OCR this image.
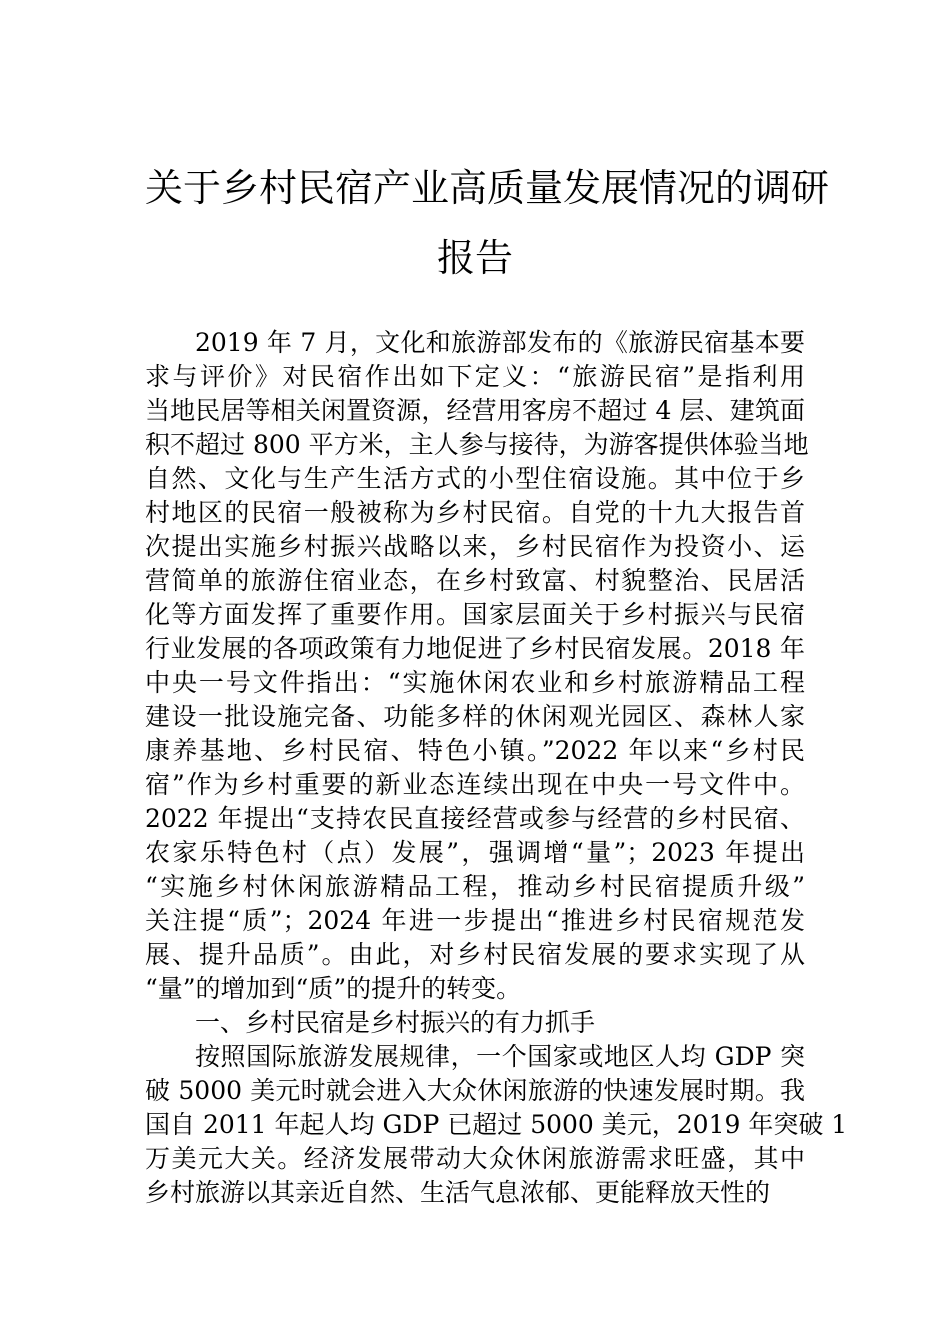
关于乡村民宿产业高质量发展情况的调研
报告
2019 年 7 月，文化和旅游部发布的《旅游民宿基本要
求与评价》对民宿作出如下定义：“旅游民宿”是指利用
当地民居等相关闲置资源，经营用客房不超过 4 层、建筑面
积不超过 800 平方米，主人参与接待，为游客提供体验当地
自然、文化与生产生活方式的小型住宿设施。其中位于乡
村地区的民宿一般被称为乡村民宿。自党的十九大报告首
次提出实施乡村振兴战略以来，乡村民宿作为投资小、运
营简单的旅游住宿业态，在乡村致富、村貌整治、民居活
化等方面发挥了重要作用。国家层面关于乡村振兴与民宿
行业发展的各项政策有力地促进了乡村民宿发展。2018 年
中央一号文件指出：“实施休闲农业和乡村旅游精品工程
建设一批设施完备、功能多样的休闲观光园区、森林人家
康养基地、乡村民宿、特色小镇。”2022 年以来“乡村民
宿”作为乡村重要的新业态连续出现在中央一号文件中。
2022 年提出“支持农民直接经营或参与经营的乡村民宿、
农家乐特色村（点）发展”，强调增“量”；2023 年提出
“实施乡村休闲旅游精品工程，推动乡村民宿提质升级”
关注提“质”；2024 年进一步提出“推进乡村民宿规范发
展、提升品质”。由此，对乡村民宿发展的要求实现了从
“量”的增加到“质”的提升的转变。
一、乡村民宿是乡村振兴的有力抓手
按照国际旅游发展规律，一个国家或地区人均 GDP 突
破 5000 美元时就会进入大众休闲旅游的快速发展时期。我
国自 2011 年起人均 GDP 已超过 5000 美元，2019 年突破 1
万美元大关。经济发展带动大众休闲旅游需求旺盛，其中
乡村旅游以其亲近自然、生活气息浓郁、更能释放天性的
